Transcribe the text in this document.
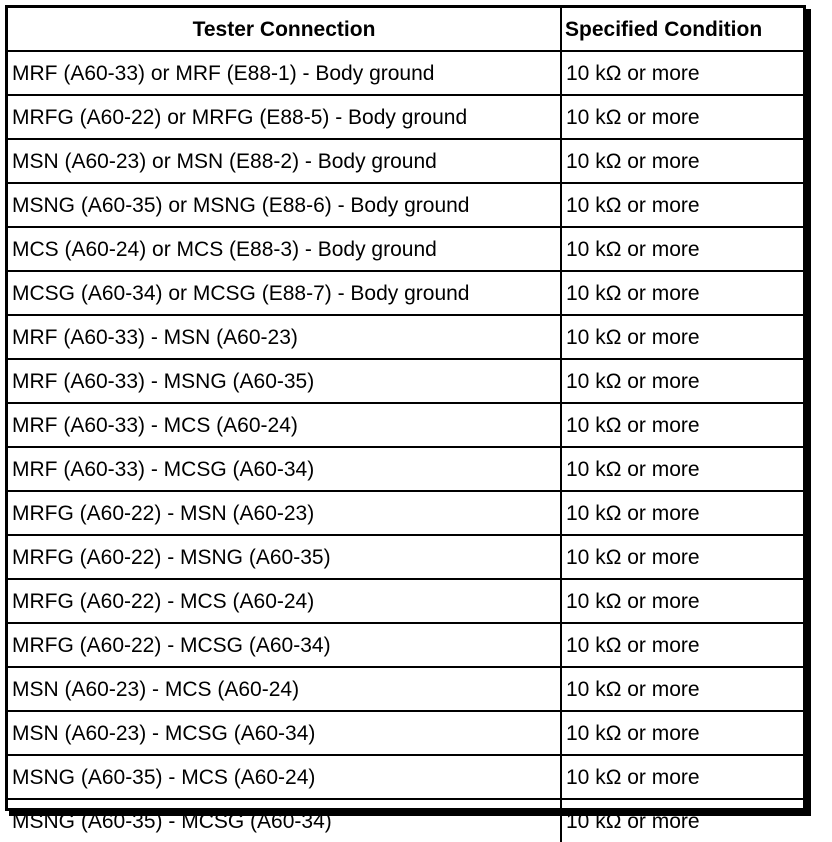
Tester Connection	Specified Condition
MRF (A60-33) or MRF (E88-1) - Body ground	10 kΩ or more
MRFG (A60-22) or MRFG (E88-5) - Body ground	10 kΩ or more
MSN (A60-23) or MSN (E88-2) - Body ground	10 kΩ or more
MSNG (A60-35) or MSNG (E88-6) - Body ground	10 kΩ or more
MCS (A60-24) or MCS (E88-3) - Body ground	10 kΩ or more
MCSG (A60-34) or MCSG (E88-7) - Body ground	10 kΩ or more
MRF (A60-33) - MSN (A60-23)	10 kΩ or more
MRF (A60-33) - MSNG (A60-35)	10 kΩ or more
MRF (A60-33) - MCS (A60-24)	10 kΩ or more
MRF (A60-33) - MCSG (A60-34)	10 kΩ or more
MRFG (A60-22) - MSN (A60-23)	10 kΩ or more
MRFG (A60-22) - MSNG (A60-35)	10 kΩ or more
MRFG (A60-22) - MCS (A60-24)	10 kΩ or more
MRFG (A60-22) - MCSG (A60-34)	10 kΩ or more
MSN (A60-23) - MCS (A60-24)	10 kΩ or more
MSN (A60-23) - MCSG (A60-34)	10 kΩ or more
MSNG (A60-35) - MCS (A60-24)	10 kΩ or more
MSNG (A60-35) - MCSG (A60-34)	10 kΩ or more
